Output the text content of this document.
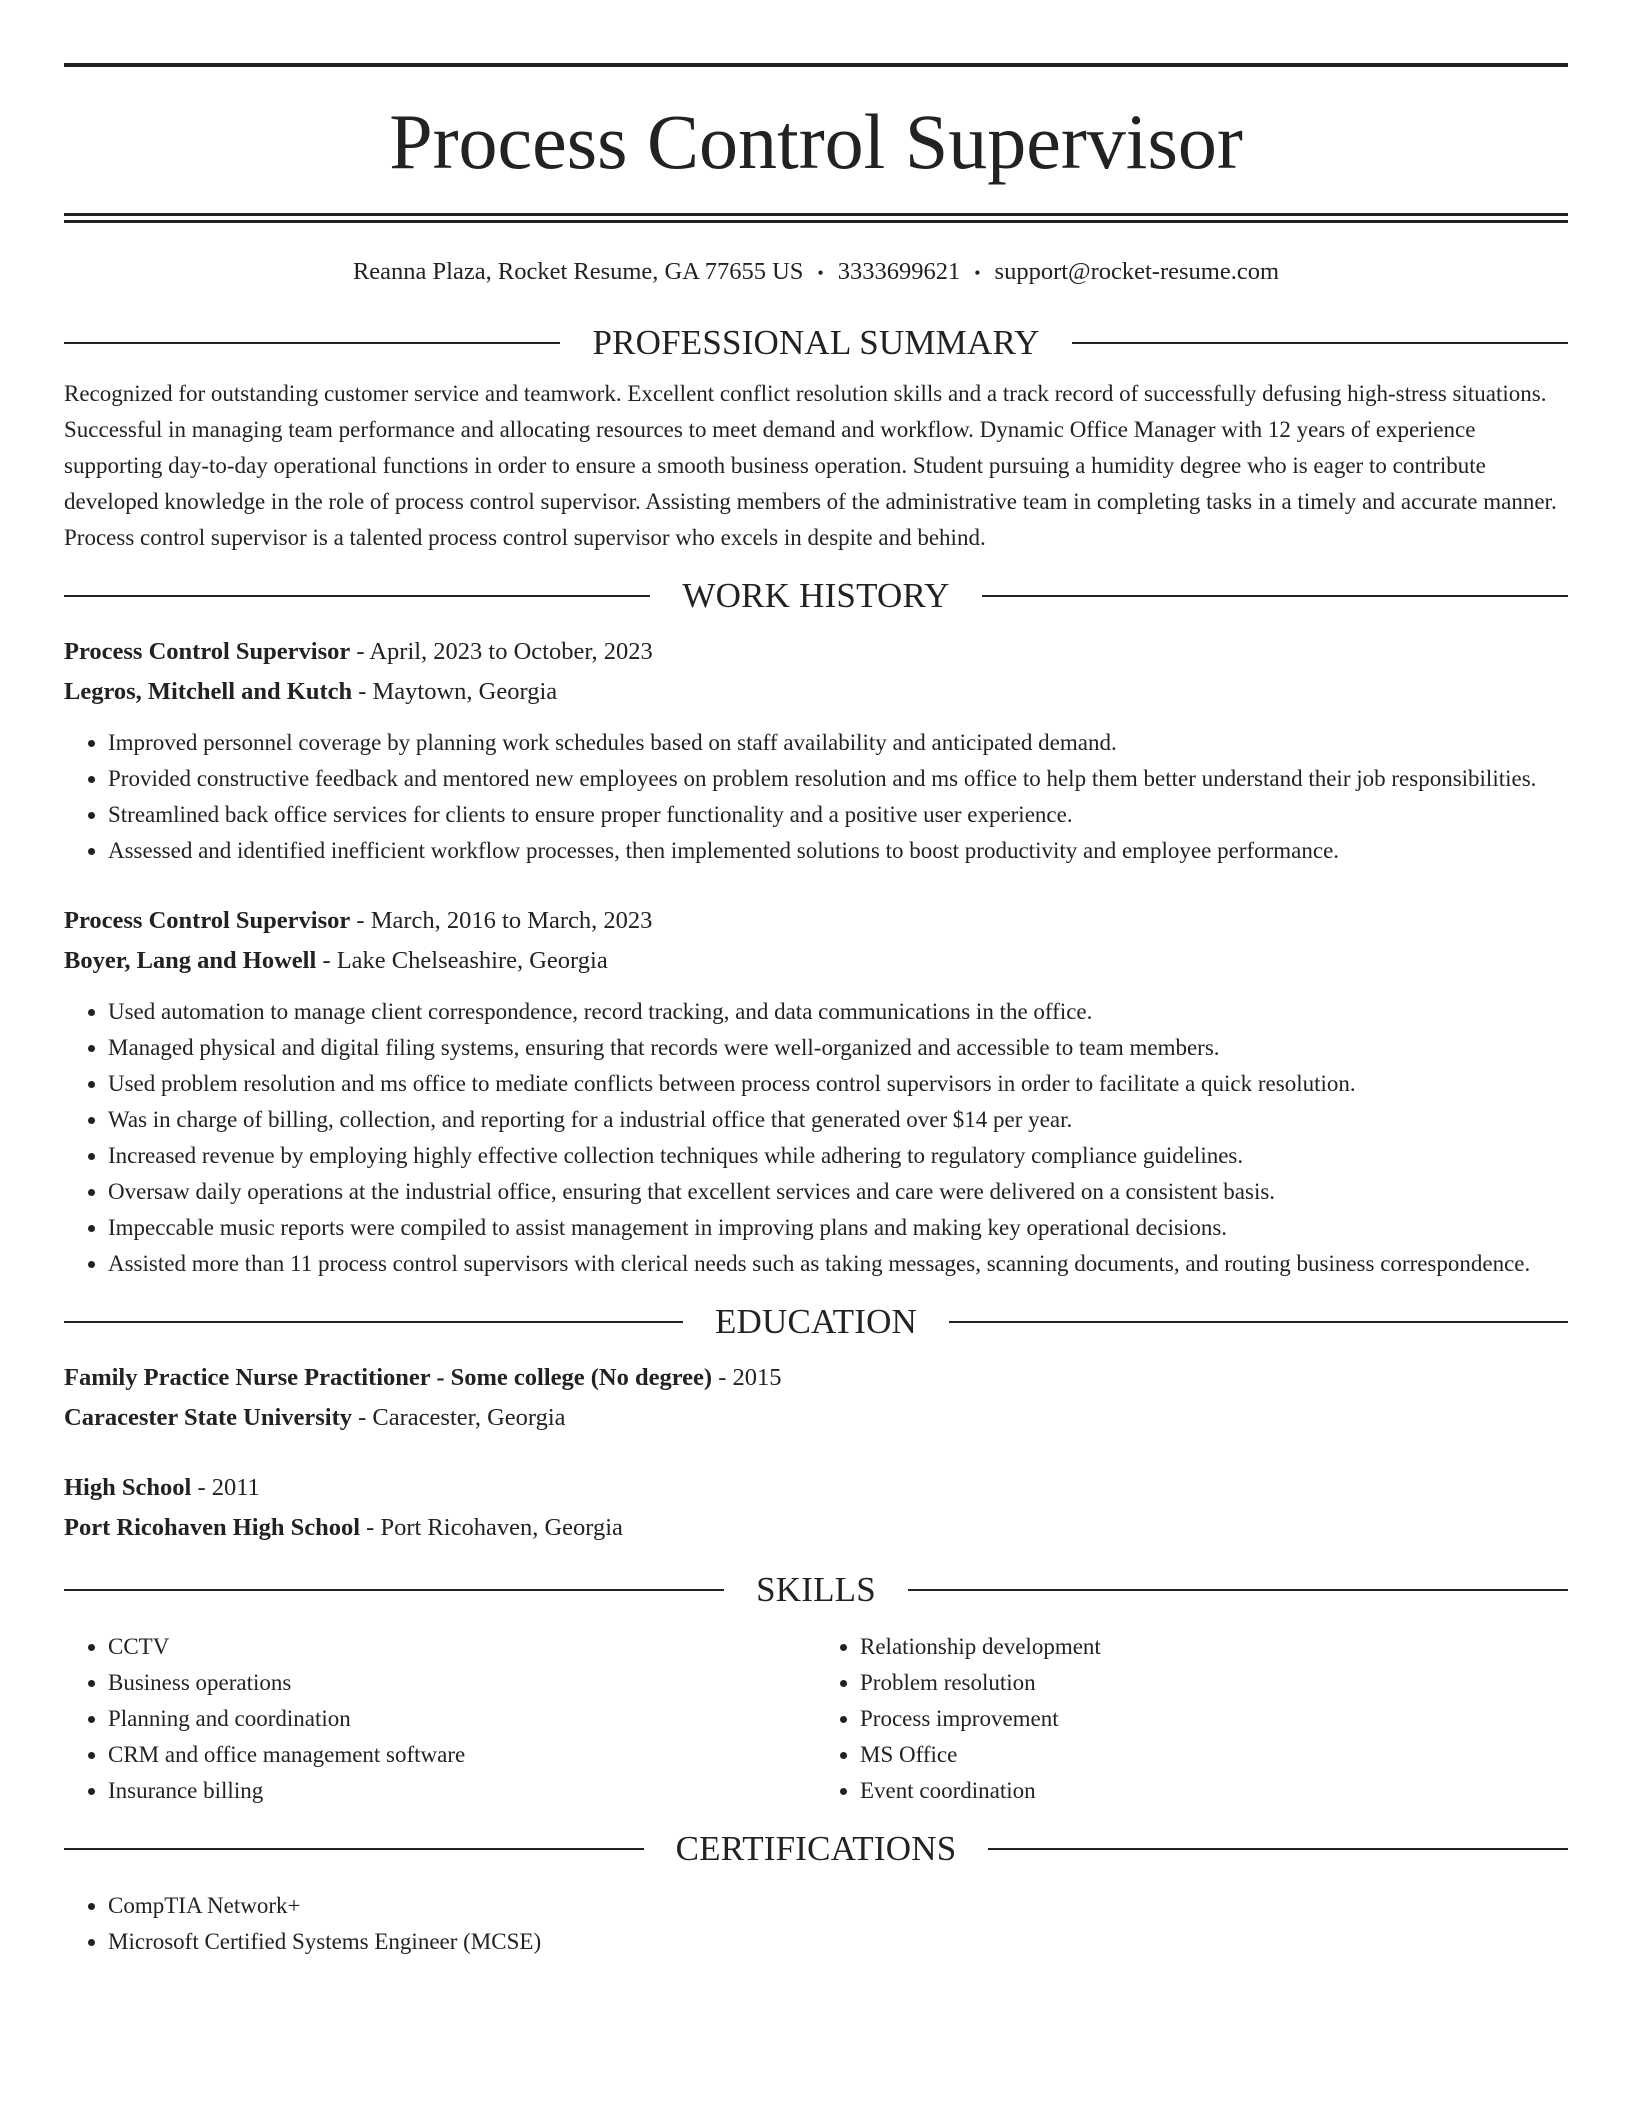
Process Control Supervisor
Reanna Plaza, Rocket Resume, GA 77655 US • 3333699621 • support@rocket-resume.com
PROFESSIONAL SUMMARY
Recognized for outstanding customer service and teamwork. Excellent conflict resolution skills and a track record of successfully defusing high-stress situations. Successful in managing team performance and allocating resources to meet demand and workflow. Dynamic Office Manager with 12 years of experience supporting day-to-day operational functions in order to ensure a smooth business operation. Student pursuing a humidity degree who is eager to contribute developed knowledge in the role of process control supervisor. Assisting members of the administrative team in completing tasks in a timely and accurate manner. Process control supervisor is a talented process control supervisor who excels in despite and behind.
WORK HISTORY
Process Control Supervisor - April, 2023 to October, 2023
Legros, Mitchell and Kutch - Maytown, Georgia
• Improved personnel coverage by planning work schedules based on staff availability and anticipated demand.
• Provided constructive feedback and mentored new employees on problem resolution and ms office to help them better understand their job responsibilities.
• Streamlined back office services for clients to ensure proper functionality and a positive user experience.
• Assessed and identified inefficient workflow processes, then implemented solutions to boost productivity and employee performance.
Process Control Supervisor - March, 2016 to March, 2023
Boyer, Lang and Howell - Lake Chelseashire, Georgia
• Used automation to manage client correspondence, record tracking, and data communications in the office.
• Managed physical and digital filing systems, ensuring that records were well-organized and accessible to team members.
• Used problem resolution and ms office to mediate conflicts between process control supervisors in order to facilitate a quick resolution.
• Was in charge of billing, collection, and reporting for a industrial office that generated over $14 per year.
• Increased revenue by employing highly effective collection techniques while adhering to regulatory compliance guidelines.
• Oversaw daily operations at the industrial office, ensuring that excellent services and care were delivered on a consistent basis.
• Impeccable music reports were compiled to assist management in improving plans and making key operational decisions.
• Assisted more than 11 process control supervisors with clerical needs such as taking messages, scanning documents, and routing business correspondence.
EDUCATION
Family Practice Nurse Practitioner - Some college (No degree) - 2015
Caracester State University - Caracester, Georgia
High School - 2011
Port Ricohaven High School - Port Ricohaven, Georgia
SKILLS
• CCTV
• Business operations
• Planning and coordination
• CRM and office management software
• Insurance billing
• Relationship development
• Problem resolution
• Process improvement
• MS Office
• Event coordination
CERTIFICATIONS
• CompTIA Network+
• Microsoft Certified Systems Engineer (MCSE)
